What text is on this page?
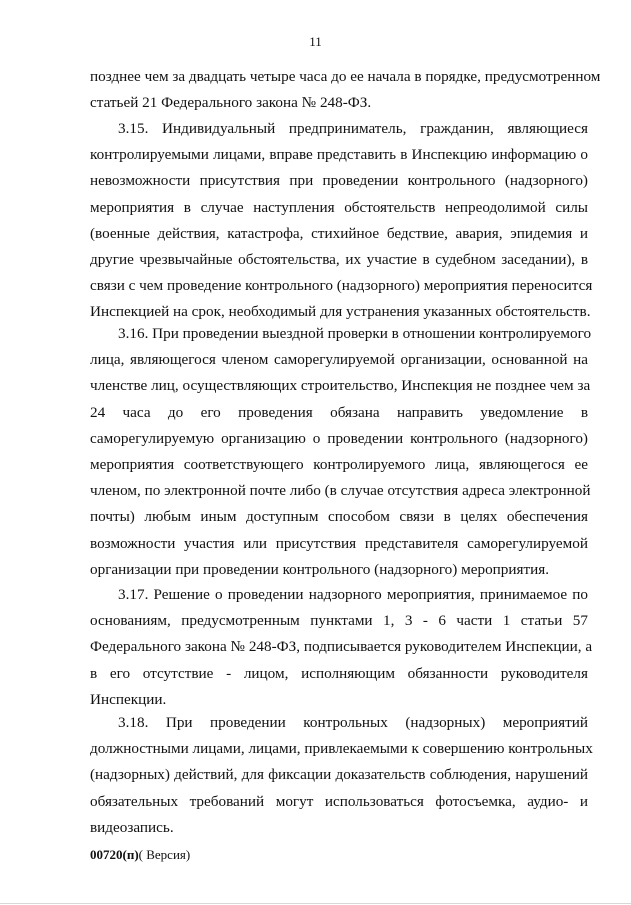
11
позднее чем за двадцать четыре часа до ее начала в порядке, предусмотренном
статьей 21 Федерального закона № 248-ФЗ.
3.15. Индивидуальный предприниматель, гражданин, являющиеся
контролируемыми лицами, вправе представить в Инспекцию информацию о
невозможности присутствия при проведении контрольного (надзорного)
мероприятия в случае наступления обстоятельств непреодолимой силы
(военные действия, катастрофа, стихийное бедствие, авария, эпидемия и
другие чрезвычайные обстоятельства, их участие в судебном заседании), в
связи с чем проведение контрольного (надзорного) мероприятия переносится
Инспекцией на срок, необходимый для устранения указанных обстоятельств.
3.16. При проведении выездной проверки в отношении контролируемого
лица, являющегося членом саморегулируемой организации, основанной на
членстве лиц, осуществляющих строительство, Инспекция не позднее чем за
24 часа до его проведения обязана направить уведомление в
саморегулируемую организацию о проведении контрольного (надзорного)
мероприятия соответствующего контролируемого лица, являющегося ее
членом, по электронной почте либо (в случае отсутствия адреса электронной
почты) любым иным доступным способом связи в целях обеспечения
возможности участия или присутствия представителя саморегулируемой
организации при проведении контрольного (надзорного) мероприятия.
3.17. Решение о проведении надзорного мероприятия, принимаемое по
основаниям, предусмотренным пунктами 1, 3 - 6 части 1 статьи 57
Федерального закона № 248-ФЗ, подписывается руководителем Инспекции, а
в его отсутствие - лицом, исполняющим обязанности руководителя
Инспекции.
3.18. При проведении контрольных (надзорных) мероприятий
должностными лицами, лицами, привлекаемыми к совершению контрольных
(надзорных) действий, для фиксации доказательств соблюдения, нарушений
обязательных требований могут использоваться фотосъемка, аудио- и
видеозапись.
00720(п)( Версия)
